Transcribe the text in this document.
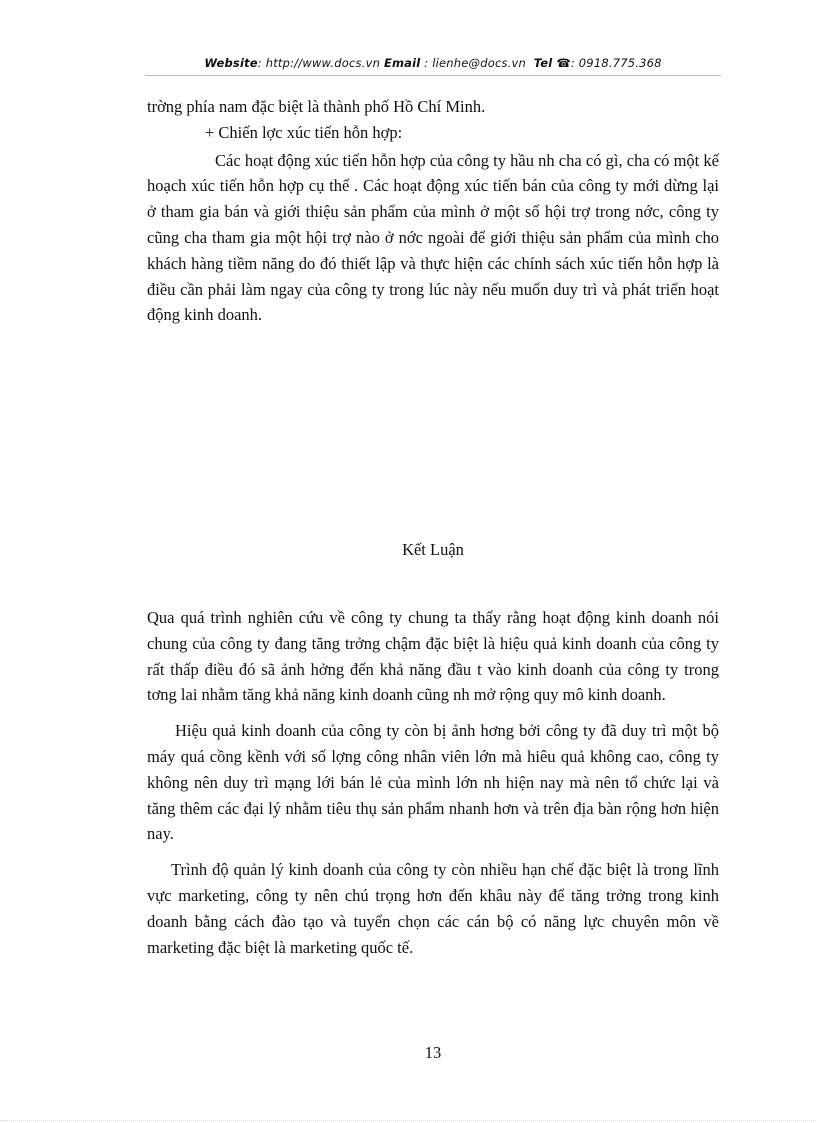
Website: http://www.docs.vn Email : lienhe@docs.vn Tel ☎: 0918.775.368

trờng phía nam đặc biệt là thành phố Hồ Chí Minh.

+ Chiến lợc xúc tiến hỗn hợp:

Các hoạt động xúc tiến hỗn hợp của công ty hầu nh cha có gì, cha có một kế hoạch xúc tiến hỗn hợp cụ thể . Các hoạt động xúc tiến bán của công ty mới dừng lại ở tham gia bán và giới thiệu sản phẩm của mình ở một số hội trợ trong nớc, công ty cũng cha tham gia một hội trợ nào ở nớc ngoài để giới thiệu sản phẩm của mình cho khách hàng tiềm năng do đó thiết lập và thực hiện các chính sách xúc tiến hỗn hợp là điều cần phải làm ngay của công ty trong lúc này nếu muốn duy trì và phát triển hoạt động kinh doanh.

Kết Luận

Qua quá trình nghiên cứu về công ty chung ta thấy rằng hoạt động kinh doanh nói chung của công ty đang tăng trởng chậm đặc biệt là hiệu quả kinh doanh của công ty rất thấp điều đó sã ảnh hởng đến khả năng đầu t vào kinh doanh của công ty trong tơng lai nhằm tăng khả năng kinh doanh cũng nh mở rộng quy mô kinh doanh.

Hiệu quả kinh doanh của công ty còn bị ảnh hơng bởi công ty đã duy trì một bộ máy quá cồng kềnh với số lợng công nhân viên lớn mà hiêu quả không cao, công ty không nên duy trì mạng lới bán lẻ của mình lớn nh hiện nay mà nên tổ chức lại và tăng thêm các đại lý nhằm tiêu thụ sản phẩm nhanh hơn và trên địa bàn rộng hơn hiện nay.

Trình độ quản lý kinh doanh của công ty còn nhiều hạn chế đặc biệt là trong lĩnh vực marketing, công ty nên chú trọng hơn đến khâu này để tăng trởng trong kinh doanh bằng cách đào tạo và tuyển chọn các cán bộ có năng lực chuyên môn về marketing đặc biệt là marketing quốc tế.

13
